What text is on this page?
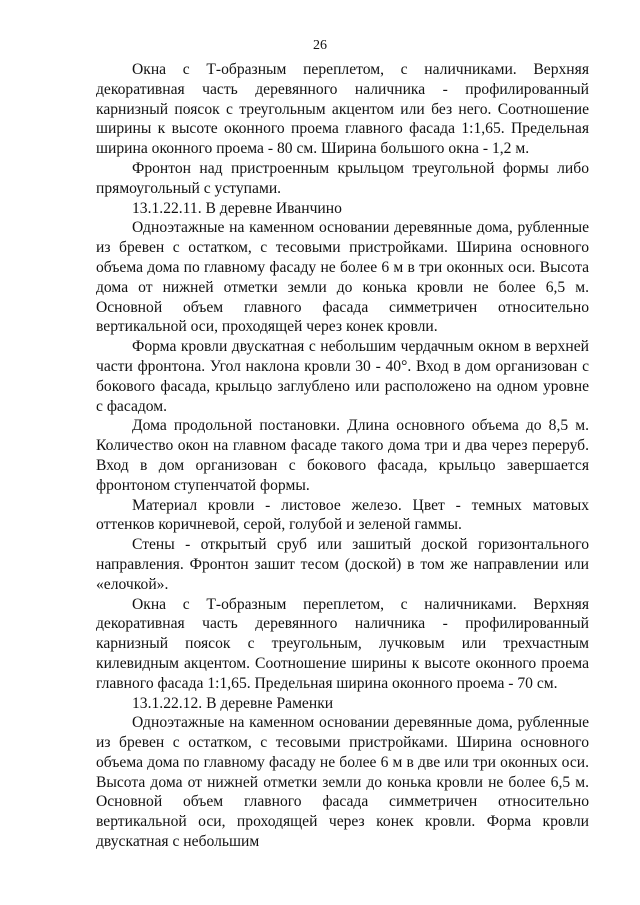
26

Окна с Т-образным переплетом, с наличниками. Верхняя декоративная часть деревянного наличника - профилированный карнизный поясок с треугольным акцентом или без него. Соотношение ширины к высоте оконного проема главного фасада 1:1,65. Предельная ширина оконного проема - 80 см. Ширина большого окна - 1,2 м.

Фронтон над пристроенным крыльцом треугольной формы либо прямоугольный с уступами.

13.1.22.11. В деревне Иванчино

Одноэтажные на каменном основании деревянные дома, рубленные из бревен с остатком, с тесовыми пристройками. Ширина основного объема дома по главному фасаду не более 6 м в три оконных оси. Высота дома от нижней отметки земли до конька кровли не более 6,5 м. Основной объем главного фасада симметричен относительно вертикальной оси, проходящей через конек кровли.

Форма кровли двускатная с небольшим чердачным окном в верхней части фронтона. Угол наклона кровли 30 - 40°. Вход в дом организован с бокового фасада, крыльцо заглублено или расположено на одном уровне с фасадом.

Дома продольной постановки. Длина основного объема до 8,5 м. Количество окон на главном фасаде такого дома три и два через переруб. Вход в дом организован с бокового фасада, крыльцо завершается фронтоном ступенчатой формы.

Материал кровли - листовое железо. Цвет - темных матовых оттенков коричневой, серой, голубой и зеленой гаммы.

Стены - открытый сруб или зашитый доской горизонтального направления. Фронтон зашит тесом (доской) в том же направлении или «елочкой».

Окна с Т-образным переплетом, с наличниками. Верхняя декоративная часть деревянного наличника - профилированный карнизный поясок с треугольным, лучковым или трехчастным килевидным акцентом. Соотношение ширины к высоте оконного проема главного фасада 1:1,65. Предельная ширина оконного проема - 70 см.

13.1.22.12. В деревне Раменки

Одноэтажные на каменном основании деревянные дома, рубленные из бревен с остатком, с тесовыми пристройками. Ширина основного объема дома по главному фасаду не более 6 м в две или три оконных оси. Высота дома от нижней отметки земли до конька кровли не более 6,5 м. Основной объем главного фасада симметричен относительно вертикальной оси, проходящей через конек кровли. Форма кровли двускатная с небольшим
